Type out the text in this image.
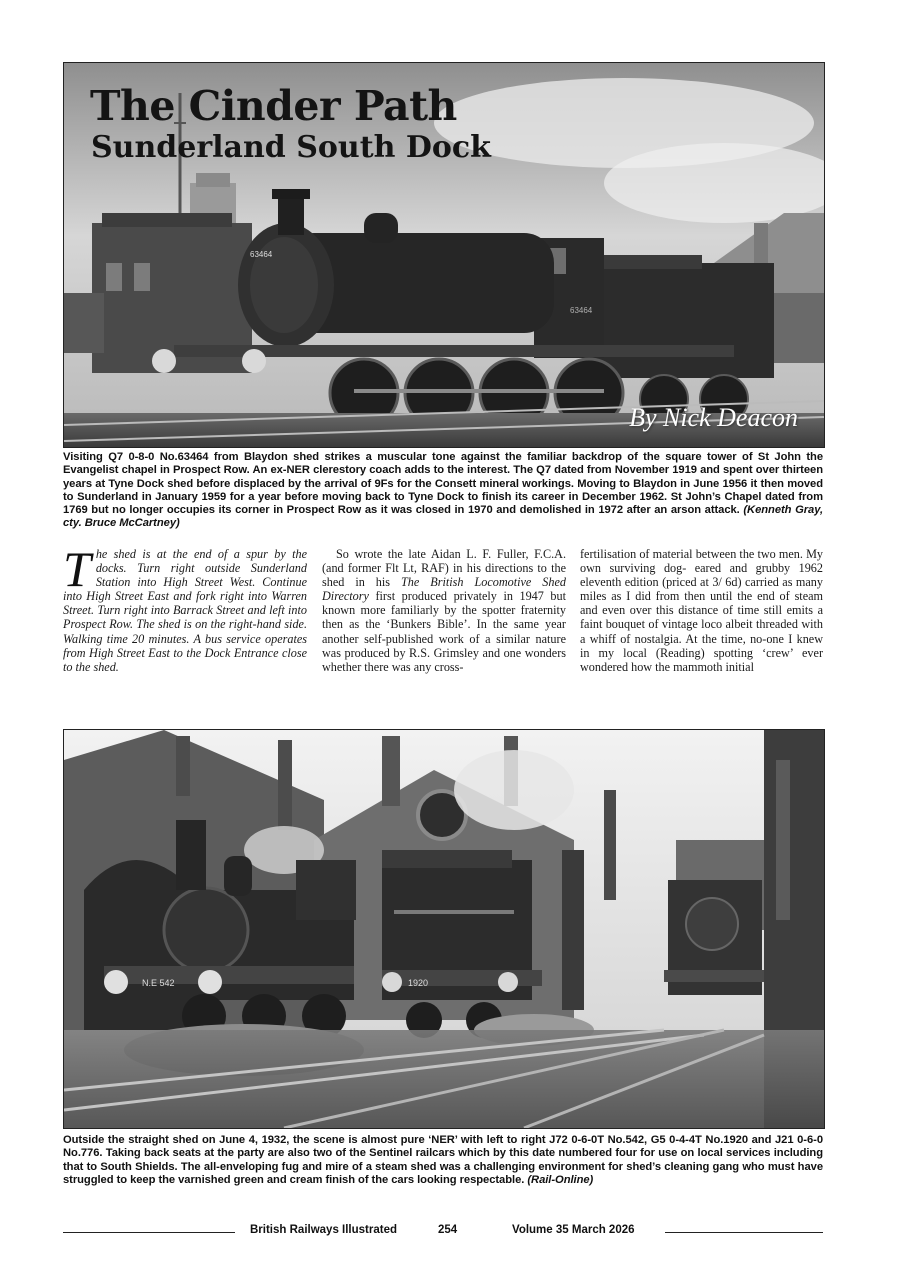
63464
63464
The Cinder Path
Sunderland South Dock

By Nick Deacon

Visiting Q7 0-8-0 No.63464 from Blaydon shed strikes a muscular tone against the familiar backdrop of the square tower of St John the Evangelist chapel in Prospect Row. An ex-NER clerestory coach adds to the interest. The Q7 dated from November 1919 and spent over thirteen years at Tyne Dock shed before displaced by the arrival of 9Fs for the Consett mineral workings. Moving to Blaydon in June 1956 it then moved to Sunderland in January 1959 for a year before moving back to Tyne Dock to finish its career in December 1962. St John’s Chapel dated from 1769 but no longer occupies its corner in Prospect Row as it was closed in 1970 and demolished in 1972 after an arson attack. (Kenneth Gray, cty. Bruce McCartney)

The shed is at the end of a spur by the docks. Turn right outside Sunderland Station into High Street West. Continue into High Street East and fork right into Warren Street. Turn right into Barrack Street and left into Prospect Row. The shed is on the right-hand side. Walking time 20 minutes. A bus service operates from High Street East to the Dock Entrance close to the shed.

So wrote the late Aidan L. F. Fuller, F.C.A. (and former Flt Lt, RAF) in his directions to the shed in his The British Locomotive Shed Directory first produced privately in 1947 but known more familiarly by the spotter fraternity then as the ‘Bunkers Bible’. In the same year another self-published work of a similar nature was produced by R.S. Grimsley and one wonders whether there was any cross-

fertilisation of material between the two men. My own surviving dog- eared and grubby 1962 eleventh edition (priced at 3/ 6d) carried as many miles as I did from then until the end of steam and even over this distance of time still emits a faint bouquet of vintage loco albeit threaded with a whiff of nostalgia. At the time, no-one I knew in my local (Reading) spotting ‘crew’ ever wondered how the mammoth initial

N.E 542	1920

Outside the straight shed on June 4, 1932, the scene is almost pure ‘NER’ with left to right J72 0-6-0T No.542, G5 0-4-4T No.1920 and J21 0-6-0 No.776. Taking back seats at the party are also two of the Sentinel railcars which by this date numbered four for use on local services including that to South Shields. The all-enveloping fug and mire of a steam shed was a challenging environment for shed’s cleaning gang who must have struggled to keep the varnished green and cream finish of the cars looking respectable. (Rail-Online)

British Railways Illustrated	254	Volume 35 March 2026
